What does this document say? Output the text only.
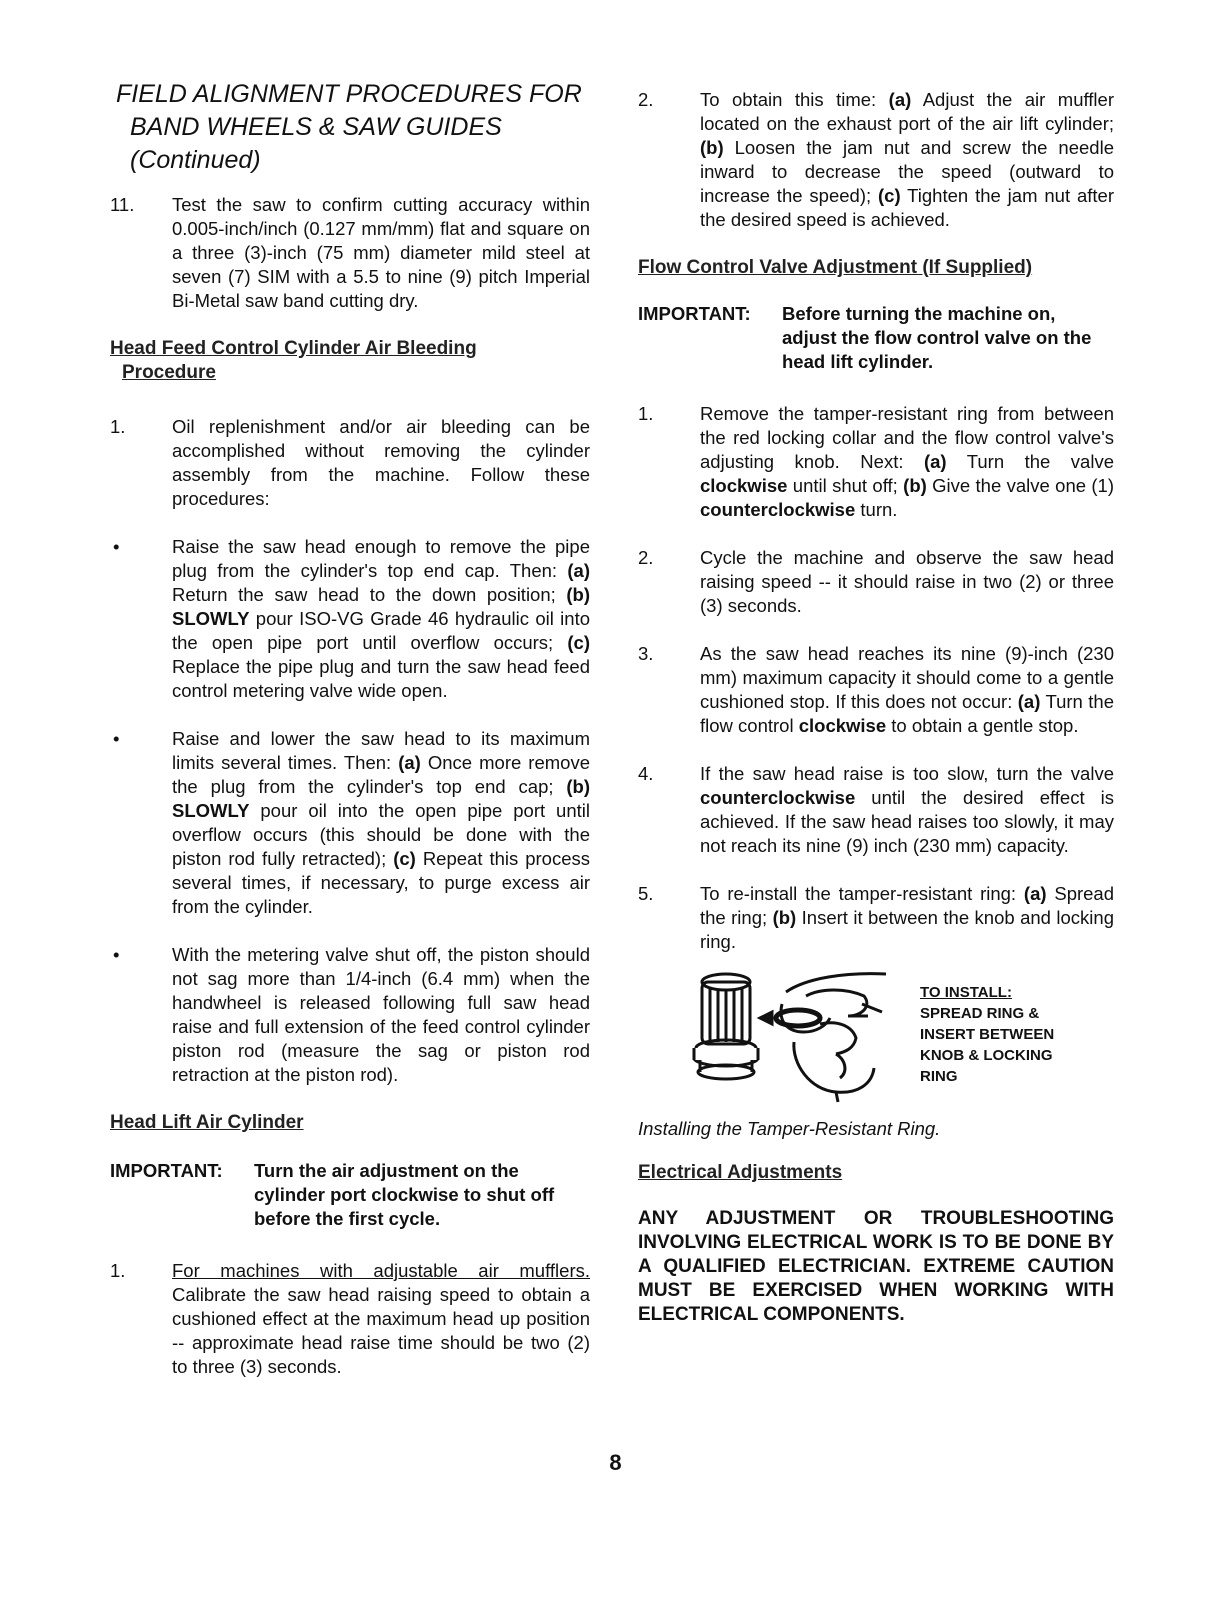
FIELD ALIGNMENT PROCEDURES FOR
BAND WHEELS & SAW GUIDES
(Continued)
11.	Test the saw to confirm cutting accuracy within 0.005-inch/inch (0.127 mm/mm) flat and square on a three (3)-inch (75 mm) diameter mild steel at seven (7) SIM with a 5.5 to nine (9) pitch Imperial Bi-Metal saw band cutting dry.
Head Feed Control Cylinder Air Bleeding
Procedure
1.	Oil replenishment and/or air bleeding can be accomplished without removing the cylinder assembly from the machine. Follow these procedures:
•	Raise the saw head enough to remove the pipe plug from the cylinder's top end cap. Then: (a) Return the saw head to the down position; (b) SLOWLY pour ISO-VG Grade 46 hydraulic oil into the open pipe port until overflow occurs; (c) Replace the pipe plug and turn the saw head feed control metering valve wide open.
•	Raise and lower the saw head to its maximum limits several times. Then: (a) Once more remove the plug from the cylinder's top end cap; (b) SLOWLY pour oil into the open pipe port until overflow occurs (this should be done with the piston rod fully retracted); (c) Repeat this process several times, if necessary, to purge excess air from the cylinder.
•	With the metering valve shut off, the piston should not sag more than 1/4-inch (6.4 mm) when the handwheel is released following full saw head raise and full extension of the feed control cylinder piston rod (measure the sag or piston rod retraction at the piston rod).
Head Lift Air Cylinder
IMPORTANT:	Turn the air adjustment on the cylinder port clockwise to shut off before the first cycle.
1.	For machines with adjustable air mufflers. Calibrate the saw head raising speed to obtain a cushioned effect at the maximum head up position -- approximate head raise time should be two (2) to three (3) seconds.
2.	To obtain this time: (a) Adjust the air muffler located on the exhaust port of the air lift cylinder; (b) Loosen the jam nut and screw the needle inward to decrease the speed (outward to increase the speed); (c) Tighten the jam nut after the desired speed is achieved.
Flow Control Valve Adjustment (If Supplied)
IMPORTANT:	Before turning the machine on, adjust the flow control valve on the head lift cylinder.
1.	Remove the tamper-resistant ring from between the red locking collar and the flow control valve's adjusting knob. Next: (a) Turn the valve clockwise until shut off; (b) Give the valve one (1) counterclockwise turn.
2.	Cycle the machine and observe the saw head raising speed -- it should raise in two (2) or three (3) seconds.
3.	As the saw head reaches its nine (9)-inch (230 mm) maximum capacity it should come to a gentle cushioned stop. If this does not occur: (a) Turn the flow control clockwise to obtain a gentle stop.
4.	If the saw head raise is too slow, turn the valve counterclockwise until the desired effect is achieved. If the saw head raises too slowly, it may not reach its nine (9) inch (230 mm) capacity.
5.	To re-install the tamper-resistant ring: (a) Spread the ring; (b) Insert it between the knob and locking ring.
TO INSTALL:
SPREAD RING &
INSERT BETWEEN
KNOB & LOCKING
RING
Installing the Tamper-Resistant Ring.
Electrical Adjustments
ANY ADJUSTMENT OR TROUBLESHOOTING INVOLVING ELECTRICAL WORK IS TO BE DONE BY A QUALIFIED ELECTRICIAN. EXTREME CAUTION MUST BE EXERCISED WHEN WORKING WITH ELECTRICAL COMPONENTS.
8
